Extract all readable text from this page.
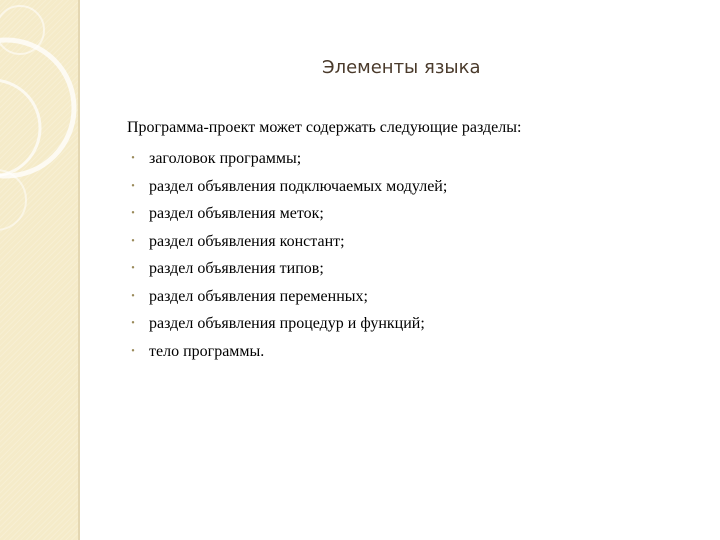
Элементы языка

Программа-проект может содержать следующие разделы:

• заголовок программы;
• раздел объявления подключаемых модулей;
• раздел объявления меток;
• раздел объявления констант;
• раздел объявления типов;
• раздел объявления переменных;
• раздел объявления процедур и функций;
• тело программы.
